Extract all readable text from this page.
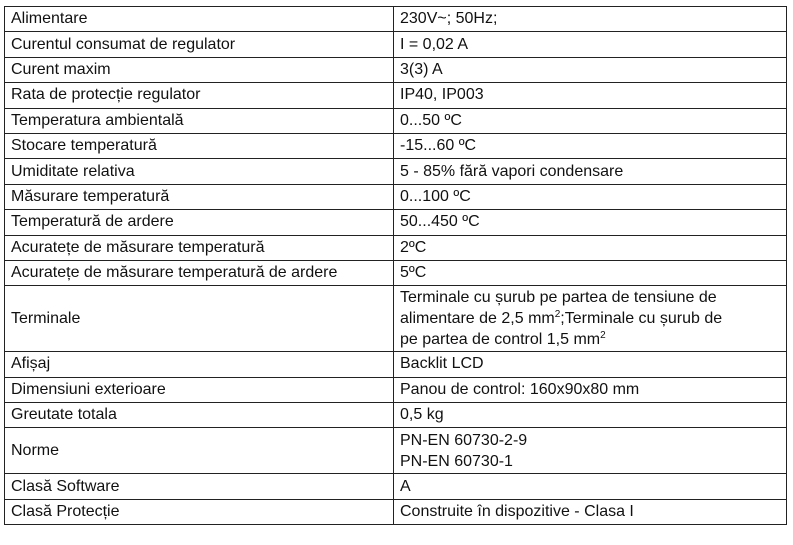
Alimentare	230V~; 50Hz;
Curentul consumat de regulator	I = 0,02 A
Curent maxim	3(3) A
Rata de protecție regulator	IP40, IP003
Temperatura ambientală	0...50 ºC
Stocare temperatură	-15...60 ºC
Umiditate relativa	5 - 85% fără vapori condensare
Măsurare temperatură	0...100 ºC
Temperatură de ardere	50...450 ºC
Acuratețe de măsurare temperatură	2ºC
Acuratețe de măsurare temperatură de ardere	5ºC
Terminale	Terminale cu șurub pe partea de tensiune de
alimentare de 2,5 $mm^2;Terminale$ cu șurub de
pe partea de control 1,5 $mm^2$

Afișaj	Backlit LCD
Dimensiuni exterioare	Panou de control: 160x90x80 mm
Greutate totala	0,5 kg
Norme	PN-EN 60730-2-9
PN-EN 60730-1

Clasă Software	A
Clasă Protecție	Construite în dispozitive - Clasa I
